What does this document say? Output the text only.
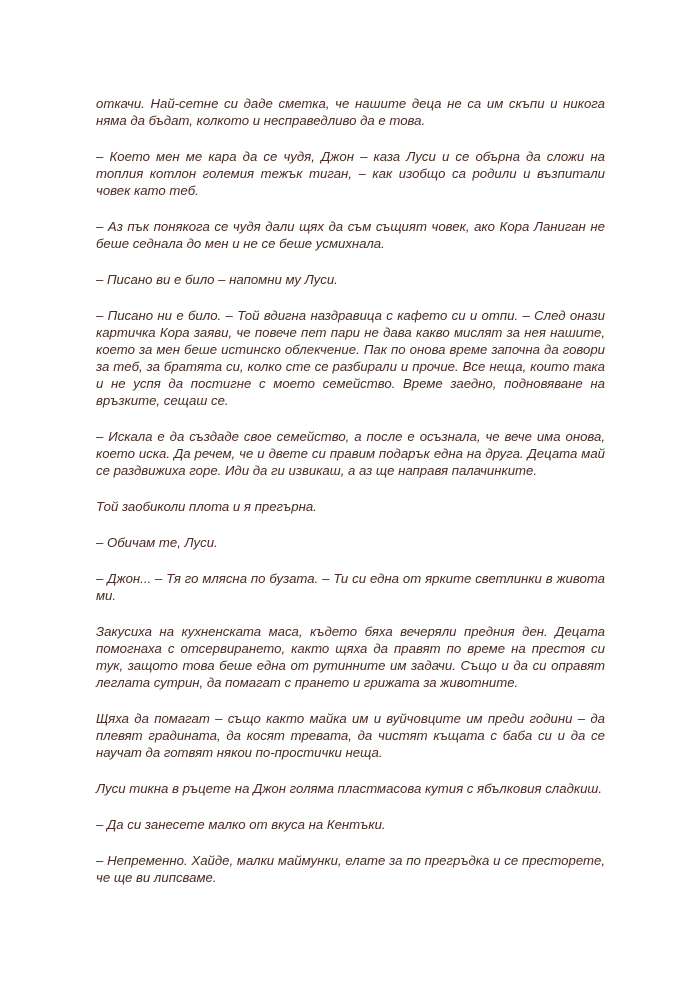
откачи. Най-сетне си даде сметка, че нашите деца не са им скъпи и никога няма да бъдат, колкото и несправедливо да е това.

– Което мен ме кара да се чудя, Джон – каза Луси и се обърна да сложи на топлия котлон големия тежък тиган, – как изобщо са родили и възпитали човек като теб.

– Аз пък понякога се чудя дали щях да съм същият човек, ако Кора Ланиган не беше седнала до мен и не се беше усмихнала.

– Писано ви е било – напомни му Луси.

– Писано ни е било. – Той вдигна наздравица с кафето си и отпи. – След онази картичка Кора заяви, че повече пет пари не дава какво мислят за нея нашите, което за мен беше истинско облекчение. Пак по онова време започна да говори за теб, за братята си, колко сте се разбирали и прочие. Все неща, които така и не успя да постигне с моето семейство. Време заедно, подновяване на връзките, сещаш се.

– Искала е да създаде свое семейство, а после е осъзнала, че вече има онова, което иска. Да речем, че и двете си правим подарък една на друга. Децата май се раздвижиха горе. Иди да ги извикаш, а аз ще направя палачинките.

Той заобиколи плота и я прегърна.

– Обичам те, Луси.

– Джон... – Тя го млясна по бузата. – Ти си една от ярките светлинки в живота ми.

Закусиха на кухненската маса, където бяха вечеряли предния ден. Децата помогнаха с отсервирането, както щяха да правят по време на престоя си тук, защото това беше една от рутинните им задачи. Също и да си оправят леглата сутрин, да помагат с прането и грижата за животните.

Щяха да помагат – също както майка им и вуйчовците им преди години – да плевят градината, да косят тревата, да чистят къщата с баба си и да се научат да готвят някои по-простички неща.

Луси тикна в ръцете на Джон голяма пластмасова кутия с ябълковия сладкиш.

– Да си занесете малко от вкуса на Кентъки.

– Непременно. Хайде, малки маймунки, елате за по прегръдка и се престорете, че ще ви липсваме.
